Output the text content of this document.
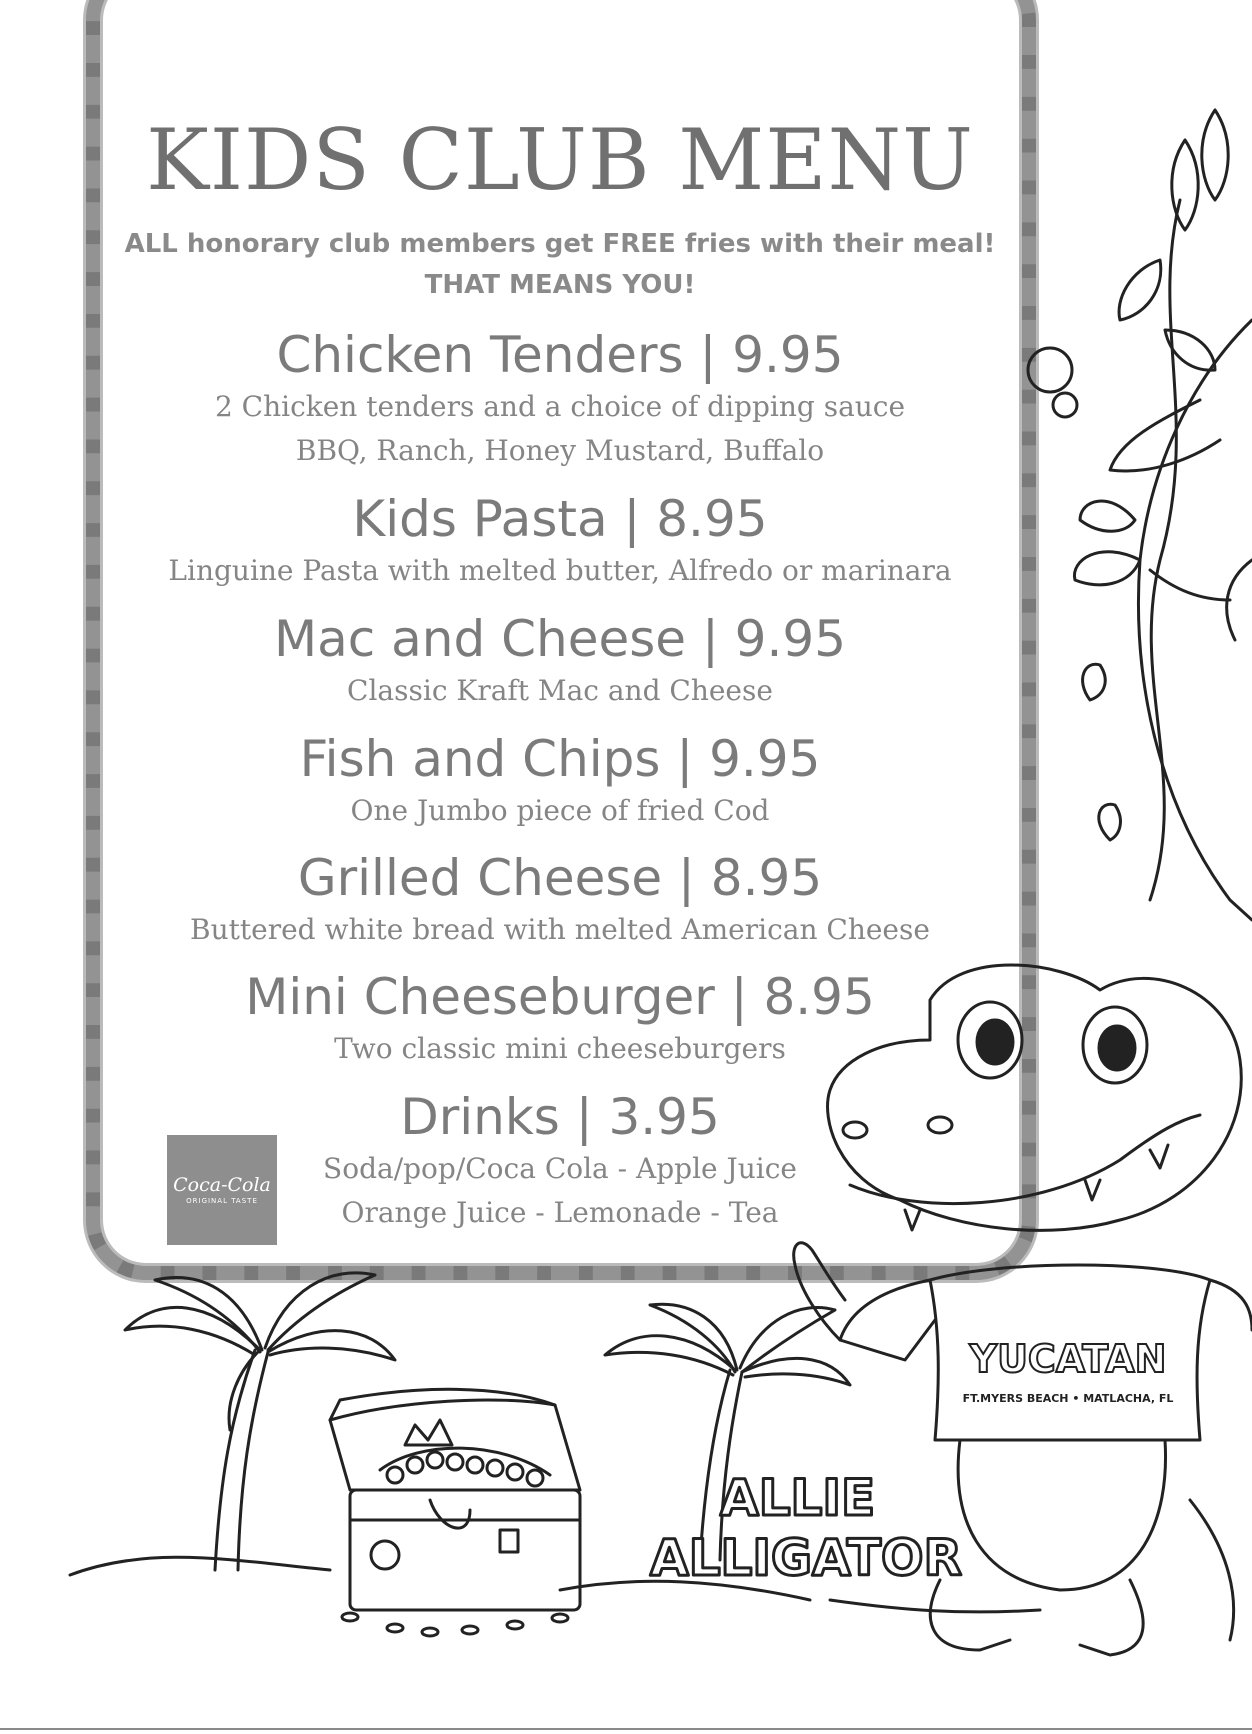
KIDS CLUB MENU
ALL honorary club members get FREE fries with their meal!
THAT MEANS YOU!
Chicken Tenders | 9.95
2 Chicken tenders and a choice of dipping sauce
BBQ, Ranch, Honey Mustard, Buffalo
Kids Pasta | 8.95
Linguine Pasta with melted butter, Alfredo or marinara
Mac and Cheese | 9.95
Classic Kraft Mac and Cheese
Fish and Chips | 9.95
One Jumbo piece of fried Cod
Grilled Cheese | 8.95
Buttered white bread with melted American Cheese
Mini Cheeseburger | 8.95
Two classic mini cheeseburgers
Drinks | 3.95
Soda/pop/Coca Cola - Apple Juice
Orange Juice - Lemonade - Tea
Coca-Cola
ORIGINAL TASTE
ALLIE
ALLIGATOR
YUCATAN
FT.MYERS BEACH • MATLACHA, FL
